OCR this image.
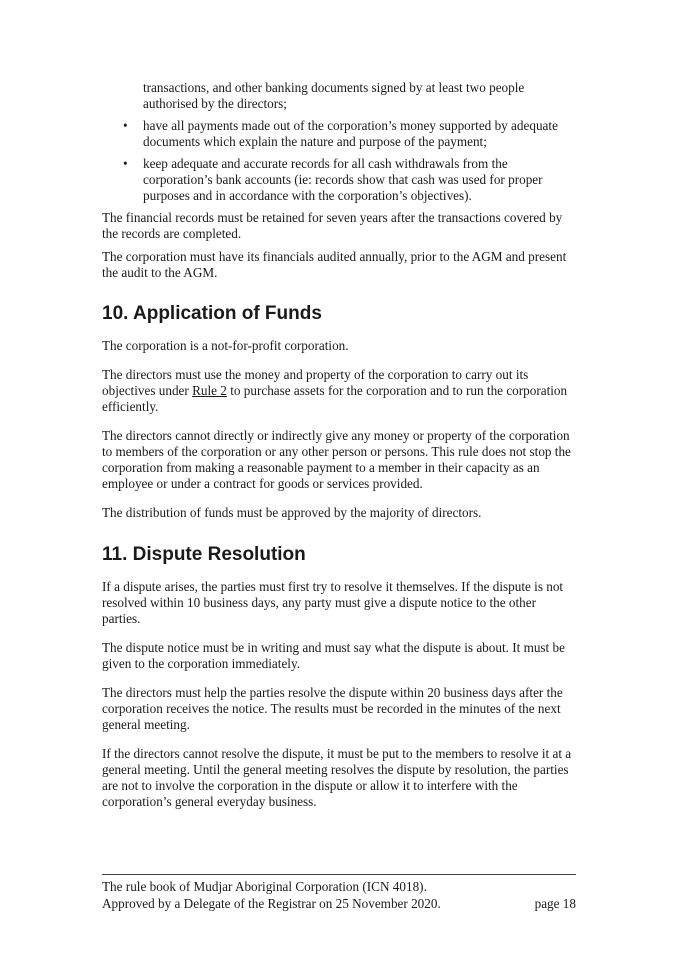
transactions, and other banking documents signed by at least two people

authorised by the directors;

• have all payments made out of the corporation’s money supported by adequate documents which explain the nature and purpose of the payment;
• keep adequate and accurate records for all cash withdrawals from the corporation’s bank accounts (ie: records show that cash was used for proper purposes and in accordance with the corporation’s objectives).

The financial records must be retained for seven years after the transactions covered by the records are completed.

The corporation must have its financials audited annually, prior to the AGM and present the audit to the AGM.

10. Application of Funds

The corporation is a not-for-profit corporation.

The directors must use the money and property of the corporation to carry out its objectives under Rule 2 to purchase assets for the corporation and to run the corporation efficiently.

The directors cannot directly or indirectly give any money or property of the corporation to members of the corporation or any other person or persons. This rule does not stop the corporation from making a reasonable payment to a member in their capacity as an employee or under a contract for goods or services provided.

The distribution of funds must be approved by the majority of directors.

11. Dispute Resolution

If a dispute arises, the parties must first try to resolve it themselves. If the dispute is not resolved within 10 business days, any party must give a dispute notice to the other parties.

The dispute notice must be in writing and must say what the dispute is about. It must be given to the corporation immediately.

The directors must help the parties resolve the dispute within 20 business days after the corporation receives the notice. The results must be recorded in the minutes of the next general meeting.

If the directors cannot resolve the dispute, it must be put to the members to resolve it at a general meeting. Until the general meeting resolves the dispute by resolution, the parties are not to involve the corporation in the dispute or allow it to interfere with the corporation’s general everyday business.

The rule book of Mudjar Aboriginal Corporation (ICN 4018).
Approved by a Delegate of the Registrar on 25 November 2020.	page 18
